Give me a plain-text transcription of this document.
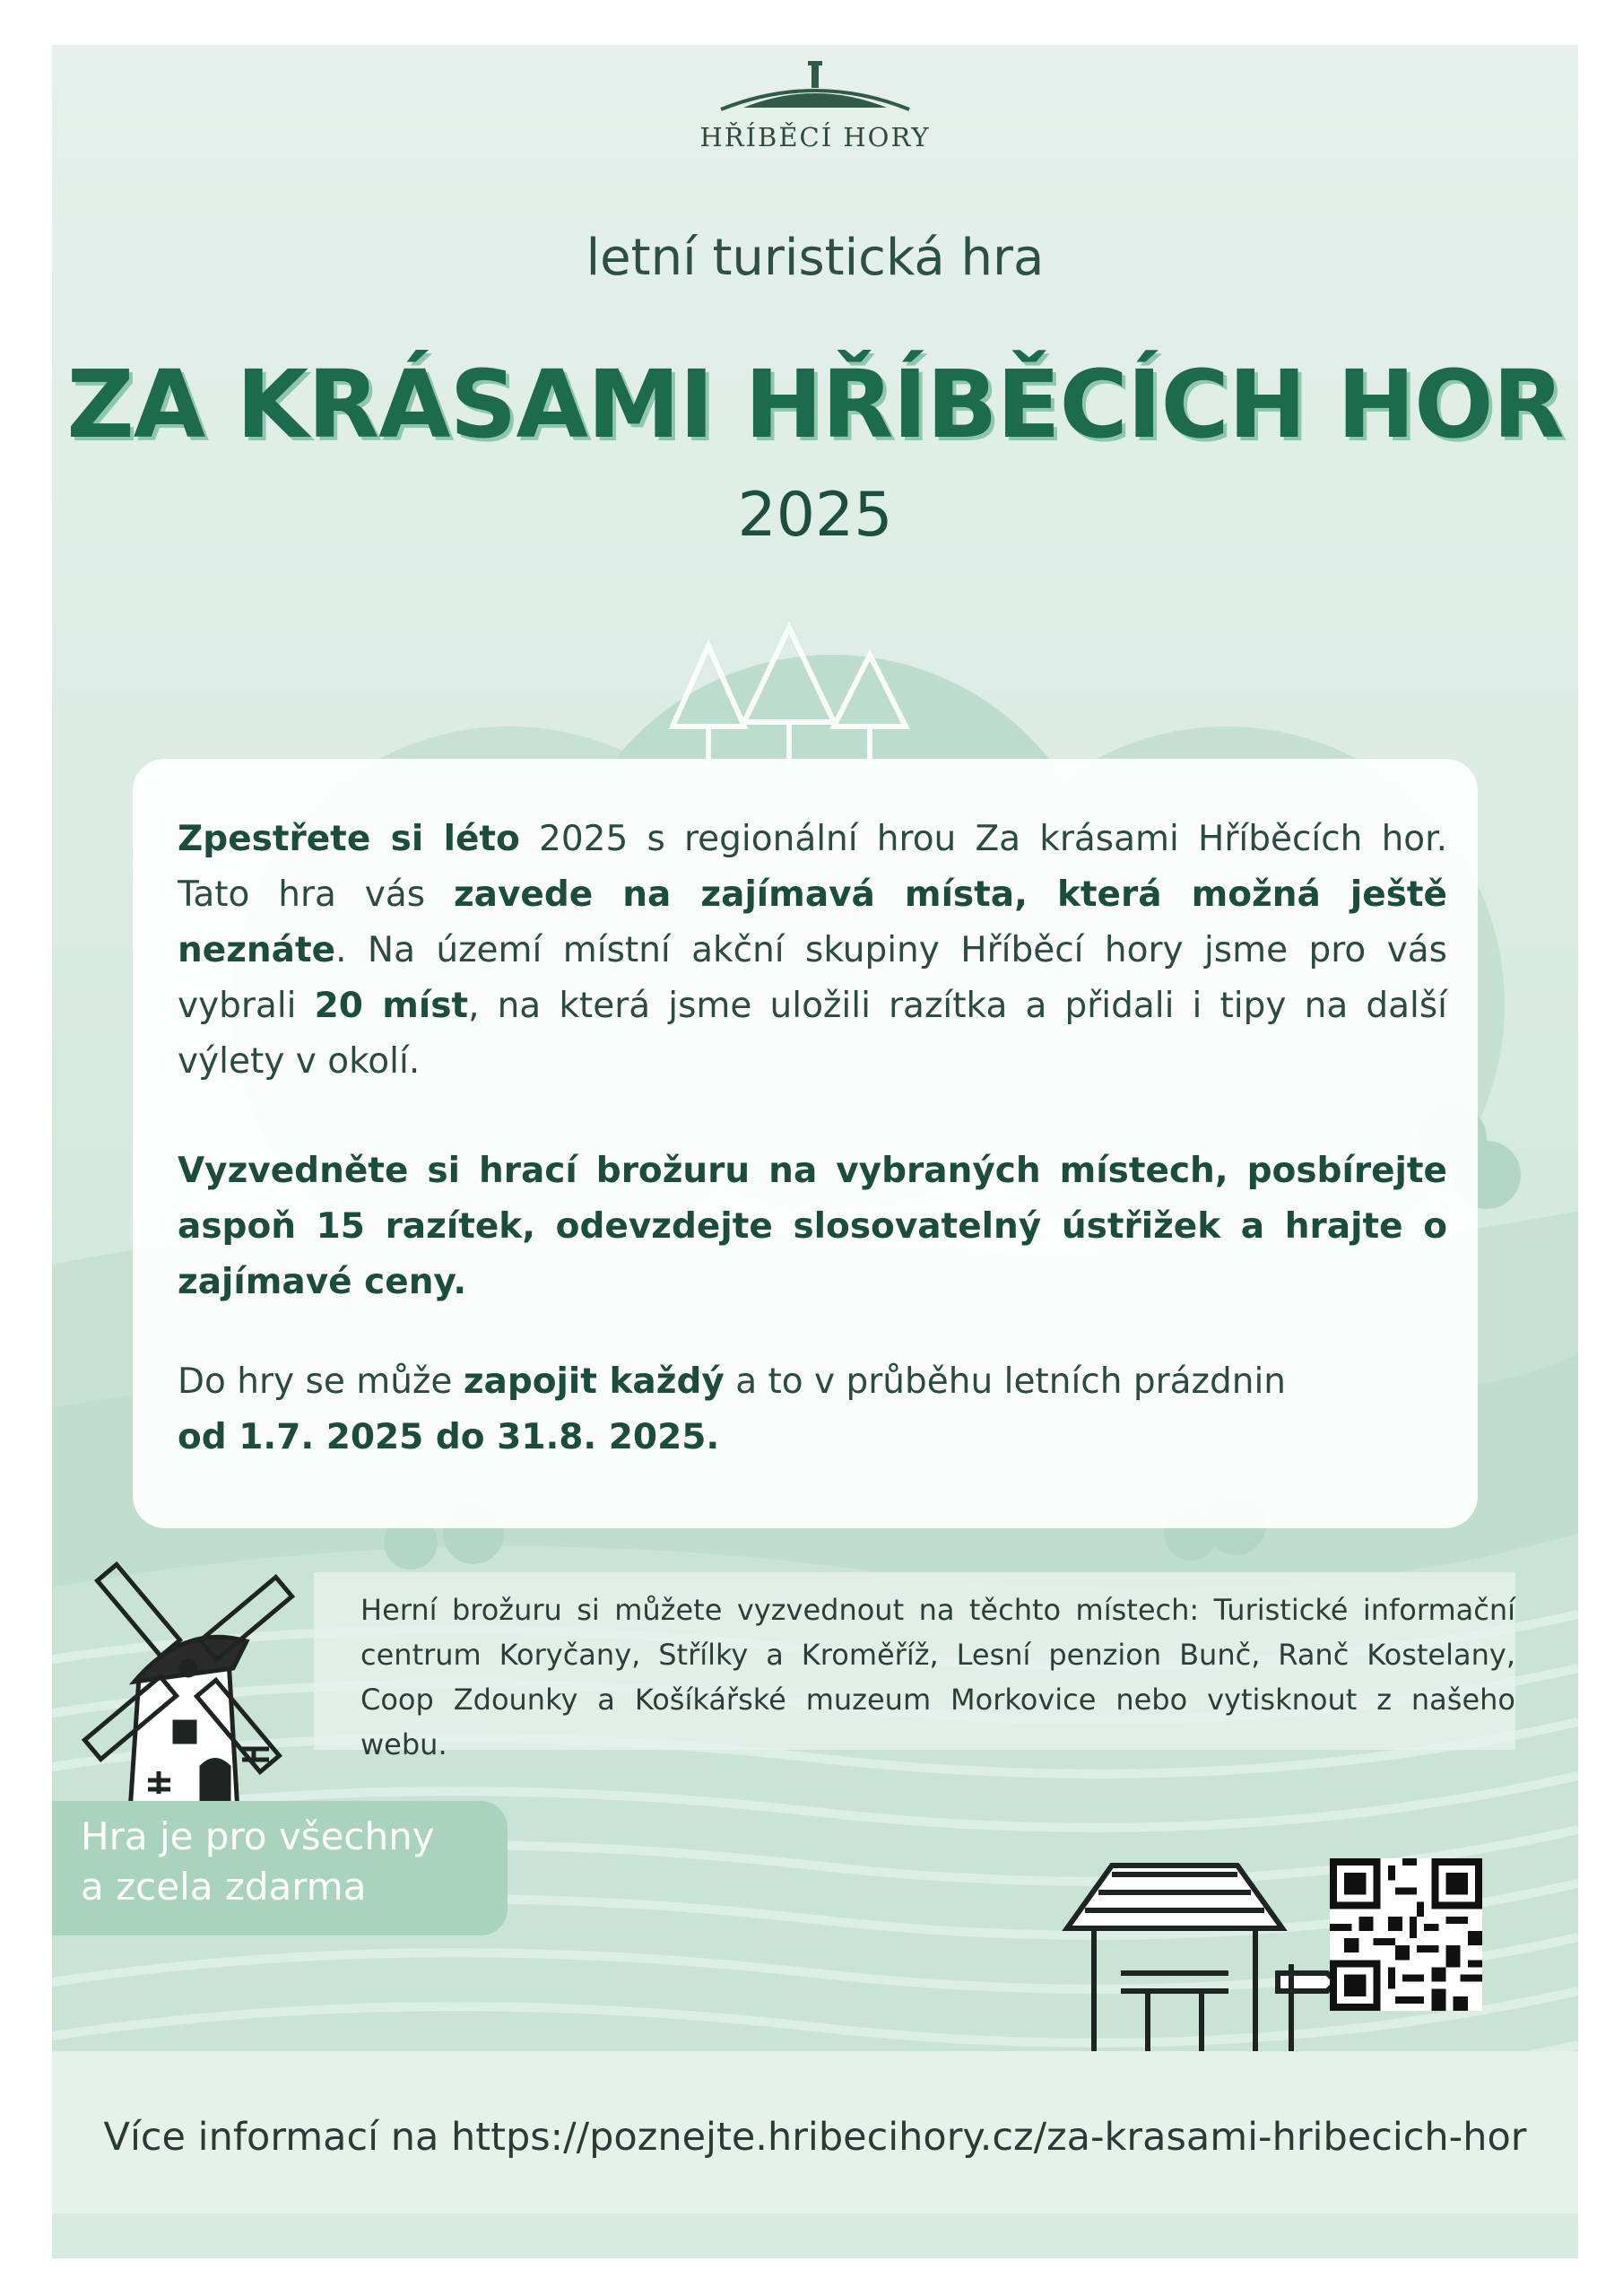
HŘÍBĚCÍ HORY
letní turistická hra
ZA KRÁSAMI HŘÍBĚCÍCH HOR
2025
Zpestřete si léto 2025 s regionální hrou Za krásami Hříběcích hor. Tato hra vás zavede na zajímavá místa, která možná ještě neznáte. Na území místní akční skupiny Hříběcí hory jsme pro vás vybrali 20 míst, na která jsme uložili razítka a přidali i tipy na další výlety v okolí.
Vyzvedněte si hrací brožuru na vybraných místech, posbírejte aspoň 15 razítek, odevzdejte slosovatelný ústřižek a hrajte o zajímavé ceny.
Do hry se může zapojit každý a to v průběhu letních prázdnin
od 1.7. 2025 do 31.8. 2025.
Herní brožuru si můžete vyzvednout na těchto místech: Turistické informační centrum Koryčany, Střílky a Kroměříž, Lesní penzion Bunč, Ranč Kostelany, Coop Zdounky a Košíkářské muzeum Morkovice nebo vytisknout z našeho webu.
Hra je pro všechny
a zcela zdarma
Více informací na https://poznejte.hribecihory.cz/za-krasami-hribecich-hor
